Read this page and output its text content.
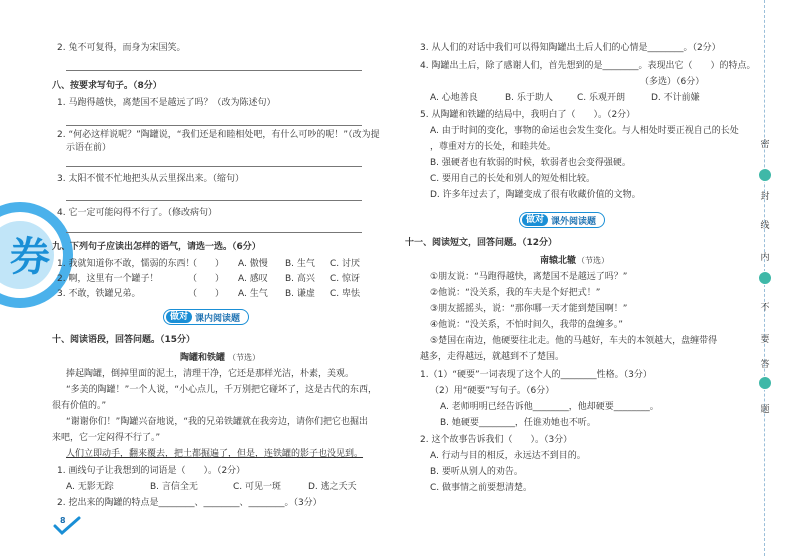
券
2. 兔不可复得，而身为宋国笑。
八、按要求写句子。（8分）
1. 马跑得越快，离楚国不是越远了吗？（改为陈述句）
2. “何必这样说呢？”陶罐说，“我们还是和睦相处吧，有什么可吵的呢！”（改为提
示语在前）
3. 太阳不慌不忙地把头从云里探出来。（缩句）
4. 它一定可能闷得不行了。（修改病句）
九、下列句子应读出怎样的语气，请选一选。（6分）
1. 我就知道你不敢，懦弱的东西！
（　　） A. 傲慢 B. 生气 C. 讨厌
2. 啊，这里有一个罐子！	（　　） A. 感叹 B. 高兴 C. 惊讶
3. 不敢，铁罐兄弟。	（　　） A. 生气 B. 谦虚 C. 卑怯
做对 课内阅读题
十、阅读语段，回答问题。（15分）
陶罐和铁罐 （节选）
捧起陶罐，倒掉里面的泥土，清理干净，它还是那样光洁，朴素，美观。
“多美的陶罐！”一个人说，“小心点儿，千万别把它碰坏了，这是古代的东西，
很有价值的。”
“谢谢你们！”陶罐兴奋地说，“我的兄弟铁罐就在我旁边，请你们把它也掘出
来吧，它一定闷得不行了。”
人们立即动手，翻来覆去，把土都掘遍了，但是，连铁罐的影子也没见到。
1. 画线句子让我想到的词语是（　　）。（2分）
A. 无影无踪	B. 言信全无	C. 可见一斑	D. 逃之夭夭
2. 挖出来的陶罐的特点是________、________、________。（3分）
8
3. 从人们的对话中我们可以得知陶罐出土后人们的心情是________。（2分）
4. 陶罐出土后，除了感谢人们，首先想到的是________。表现出它（　　）的特点。
（多选）（6分）
A. 心地善良	B. 乐于助人	C. 乐观开朗	D. 不计前嫌
5. 从陶罐和铁罐的结局中，我明白了（　　）。（2分）
A. 由于时间的变化，事物的命运也会发生变化。与人相处时要正视自己的长处
，尊重对方的长处，和睦共处。
B. 强硬者也有软弱的时候，软弱者也会变得强硬。
C. 要用自己的长处和别人的短处相比较。
D. 许多年过去了，陶罐变成了很有收藏价值的文物。
做对 课外阅读题
十一、阅读短文，回答问题。（12分）
南辕北辙 （节选）
①朋友说：“马跑得越快，离楚国不是越远了吗？”
②他说：“没关系，我的车夫是个好把式！”
③朋友摇摇头，说：“那你哪一天才能到楚国啊！”
④他说：“没关系，不怕时间久，我带的盘缠多。”
⑤楚国在南边，他硬要往北走。他的马越好，车夫的本领越大，盘缠带得
越多，走得越远，就越到不了楚国。
1.（1）“硬要”一词表现了这个人的________性格。（3分）
（2）用“硬要”写句子。（6分）
A. 老师明明已经告诉他________，他却硬要________。
B. 她硬要________，任谁劝她也不听。
2. 这个故事告诉我们（　　）。（3分）
A. 行动与目的相反，永远达不到目的。
B. 要听从别人的劝告。
C. 做事情之前要想清楚。
密
封
线
内
不
要
答
题
